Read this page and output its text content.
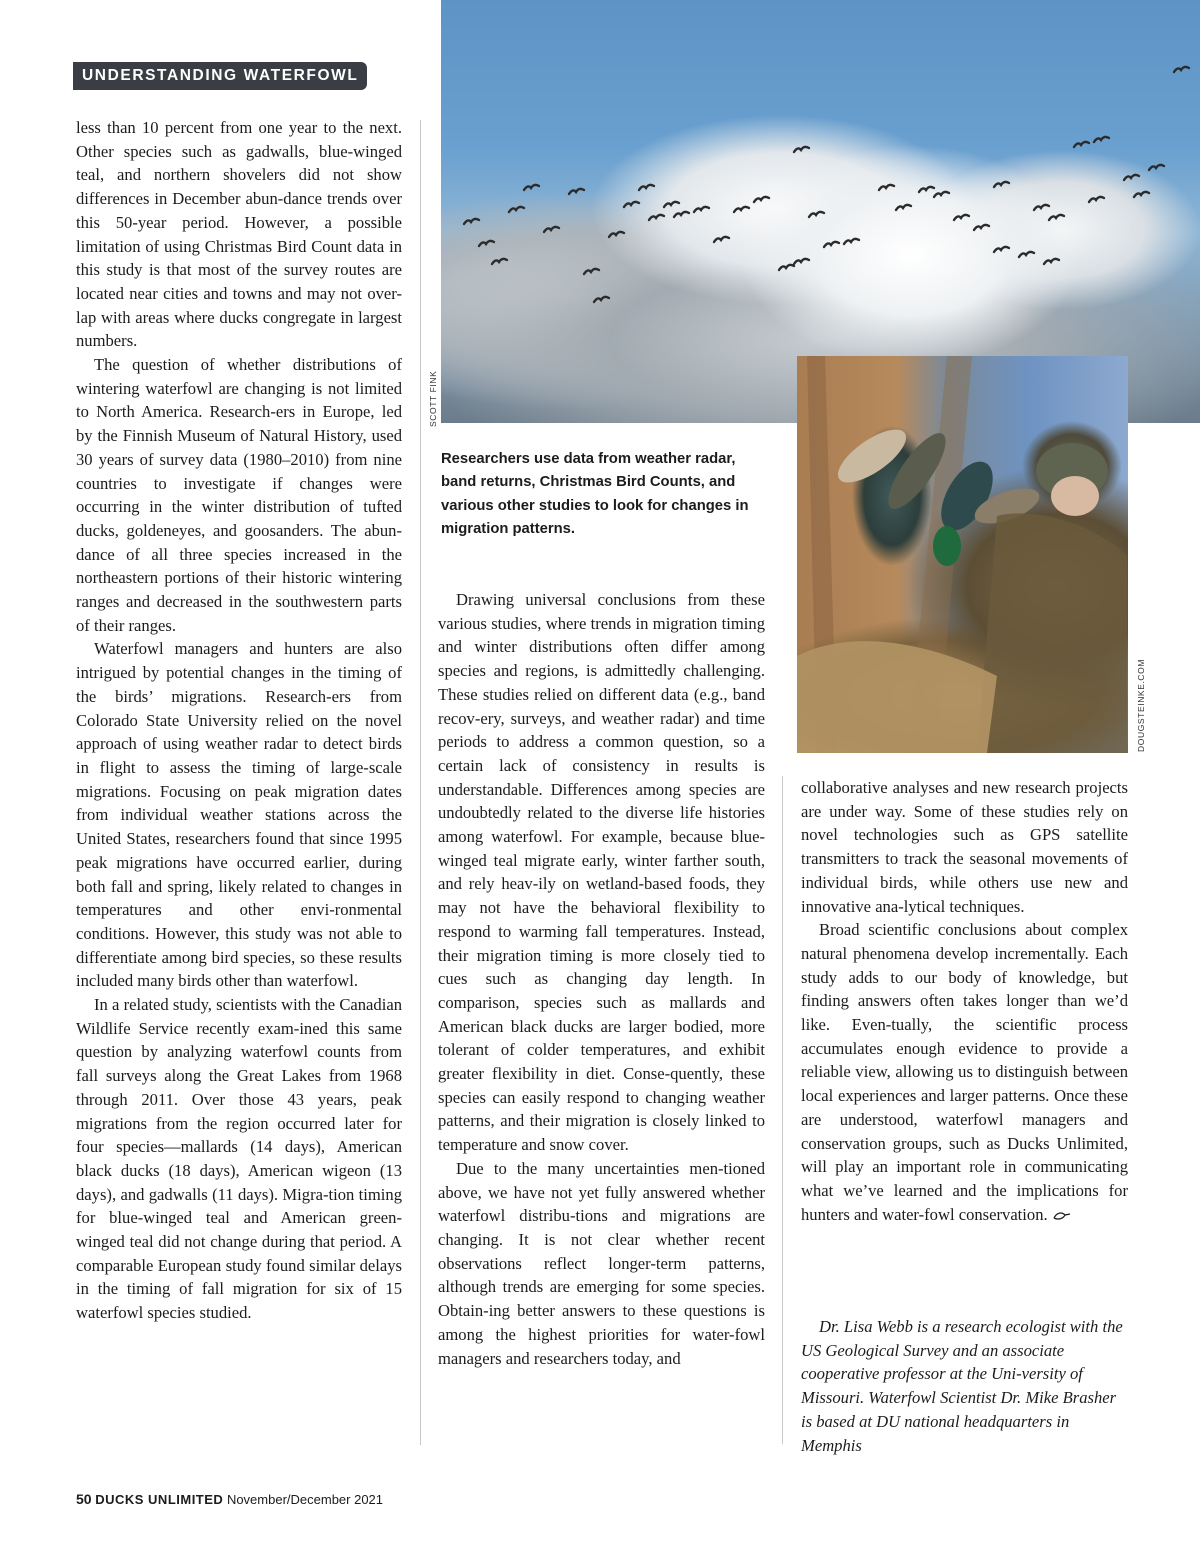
UNDERSTANDING WATERFOWL
SCOTT FINK
Researchers use data from weather radar, band returns, Christmas Bird Counts, and various other studies to look for changes in migration patterns.
DOUGSTEINKE.COM

less than 10 percent from one year to the next. Other species such as gadwalls, blue-winged teal, and northern shovelers did not show differences in December abun-dance trends over this 50-year period. However, a possible limitation of using Christmas Bird Count data in this study is that most of the survey routes are located near cities and towns and may not over-lap with areas where ducks congregate in largest numbers.

The question of whether distributions of wintering waterfowl are changing is not limited to North America. Research-ers in Europe, led by the Finnish Museum of Natural History, used 30 years of survey data (1980–2010) from nine countries to investigate if changes were occurring in the winter distribution of tufted ducks, goldeneyes, and goosanders. The abun-dance of all three species increased in the northeastern portions of their historic wintering ranges and decreased in the southwestern parts of their ranges.

Waterfowl managers and hunters are also intrigued by potential changes in the timing of the birds’ migrations. Research-ers from Colorado State University relied on the novel approach of using weather radar to detect birds in flight to assess the timing of large-scale migrations. Focusing on peak migration dates from individual weather stations across the United States, researchers found that since 1995 peak migrations have occurred earlier, during both fall and spring, likely related to changes in temperatures and other envi-ronmental conditions. However, this study was not able to differentiate among bird species, so these results included many birds other than waterfowl.

In a related study, scientists with the Canadian Wildlife Service recently exam-ined this same question by analyzing waterfowl counts from fall surveys along the Great Lakes from 1968 through 2011. Over those 43 years, peak migrations from the region occurred later for four species—mallards (14 days), American black ducks (18 days), American wigeon (13 days), and gadwalls (11 days). Migra-tion timing for blue-winged teal and American green-winged teal did not change during that period. A comparable European study found similar delays in the timing of fall migration for six of 15 waterfowl species studied.

Drawing universal conclusions from these various studies, where trends in migration timing and winter distributions often differ among species and regions, is admittedly challenging. These studies relied on different data (e.g., band recov-ery, surveys, and weather radar) and time periods to address a common question, so a certain lack of consistency in results is understandable. Differences among species are undoubtedly related to the diverse life histories among waterfowl. For example, because blue-winged teal migrate early, winter farther south, and rely heav-ily on wetland-based foods, they may not have the behavioral flexibility to respond to warming fall temperatures. Instead, their migration timing is more closely tied to cues such as changing day length. In comparison, species such as mallards and American black ducks are larger bodied, more tolerant of colder temperatures, and exhibit greater flexibility in diet. Conse-quently, these species can easily respond to changing weather patterns, and their migration is closely linked to temperature and snow cover.

Due to the many uncertainties men-tioned above, we have not yet fully answered whether waterfowl distribu-tions and migrations are changing. It is not clear whether recent observations reflect longer-term patterns, although trends are emerging for some species. Obtain-ing better answers to these questions is among the highest priorities for water-fowl managers and researchers today, and

collaborative analyses and new research projects are under way. Some of these studies rely on novel technologies such as GPS satellite transmitters to track the seasonal movements of individual birds, while others use new and innovative ana-lytical techniques.

Broad scientific conclusions about complex natural phenomena develop incrementally. Each study adds to our body of knowledge, but finding answers often takes longer than we’d like. Even-tually, the scientific process accumulates enough evidence to provide a reliable view, allowing us to distinguish between local experiences and larger patterns. Once these are understood, waterfowl managers and conservation groups, such as Ducks Unlimited, will play an important role in communicating what we’ve learned and the implications for hunters and water-fowl conservation.

Dr. Lisa Webb is a research ecologist with the US Geological Survey and an associate cooperative professor at the Uni-versity of Missouri. Waterfowl Scientist Dr. Mike Brasher is based at DU national headquarters in Memphis

50 DUCKS UNLIMITED November/December 2021
